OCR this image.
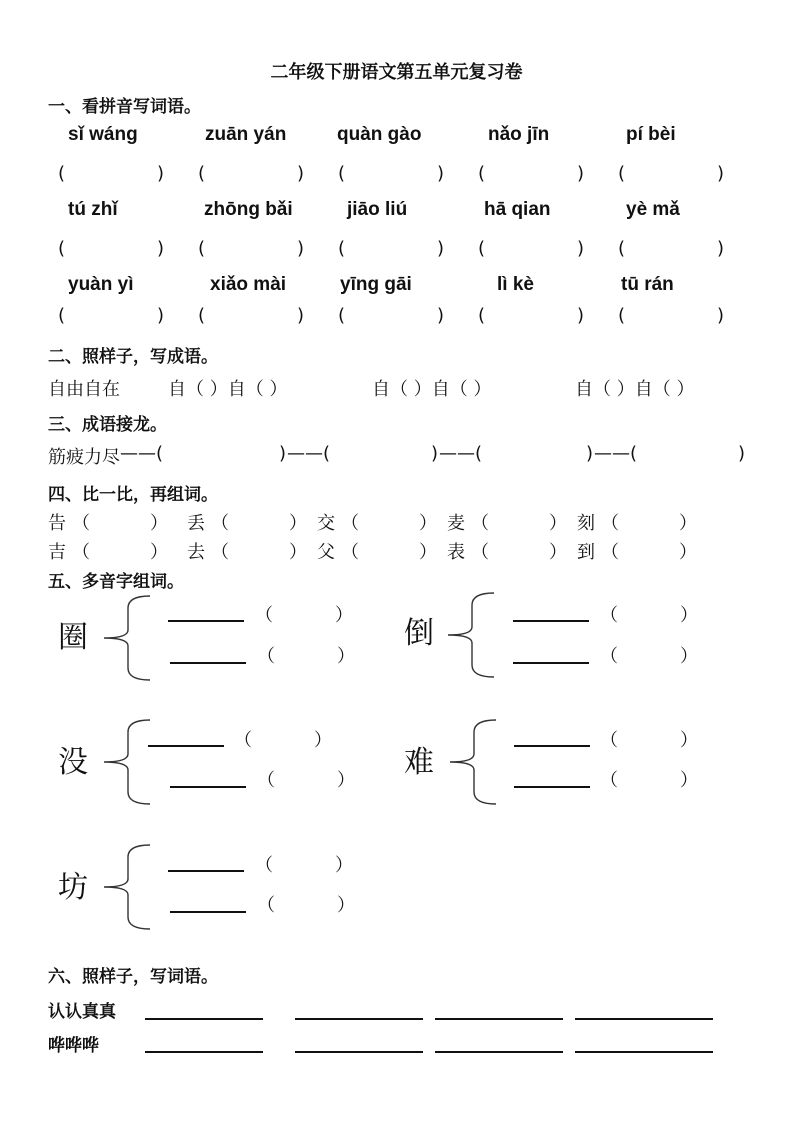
二年级下册语文第五单元复习卷
一、看拼音写词语。
sǐ wáng	zuān yán	quàn gào	nǎo jīn	pí bèi
(	) (	) (	) (	) (	)
tú zhǐ	zhōng bǎi	jiāo liú	hā qian	yè mǎ
(	) (	) (	) (	) (	)
yuàn yì	xiǎo mài	yīng gāi	lì kè	tū rán
(	) (	) (	) (	) (	)
二、照样子，写成语。
自由自在	自（ ）自（ ）	自（ ）自（ ）	自（ ）自（ ）
三、成语接龙。
筋疲力尽 ——(	) ——(	) ——(	) ——(	)
四、比一比，再组词。
告 （	） 丢 （	） 交 （	） 麦 （	） 刻 （	）
吉 （	） 去 （	） 父 （	） 表 （	） 到 （	）
五、多音字组词。
圈
（	）
（	）
倒
（	）
（	）
没
（	）
（	）
难
（	）
（	）
坊
（	）
（	）
六、照样子，写词语。
认认真真
哗哗哗
